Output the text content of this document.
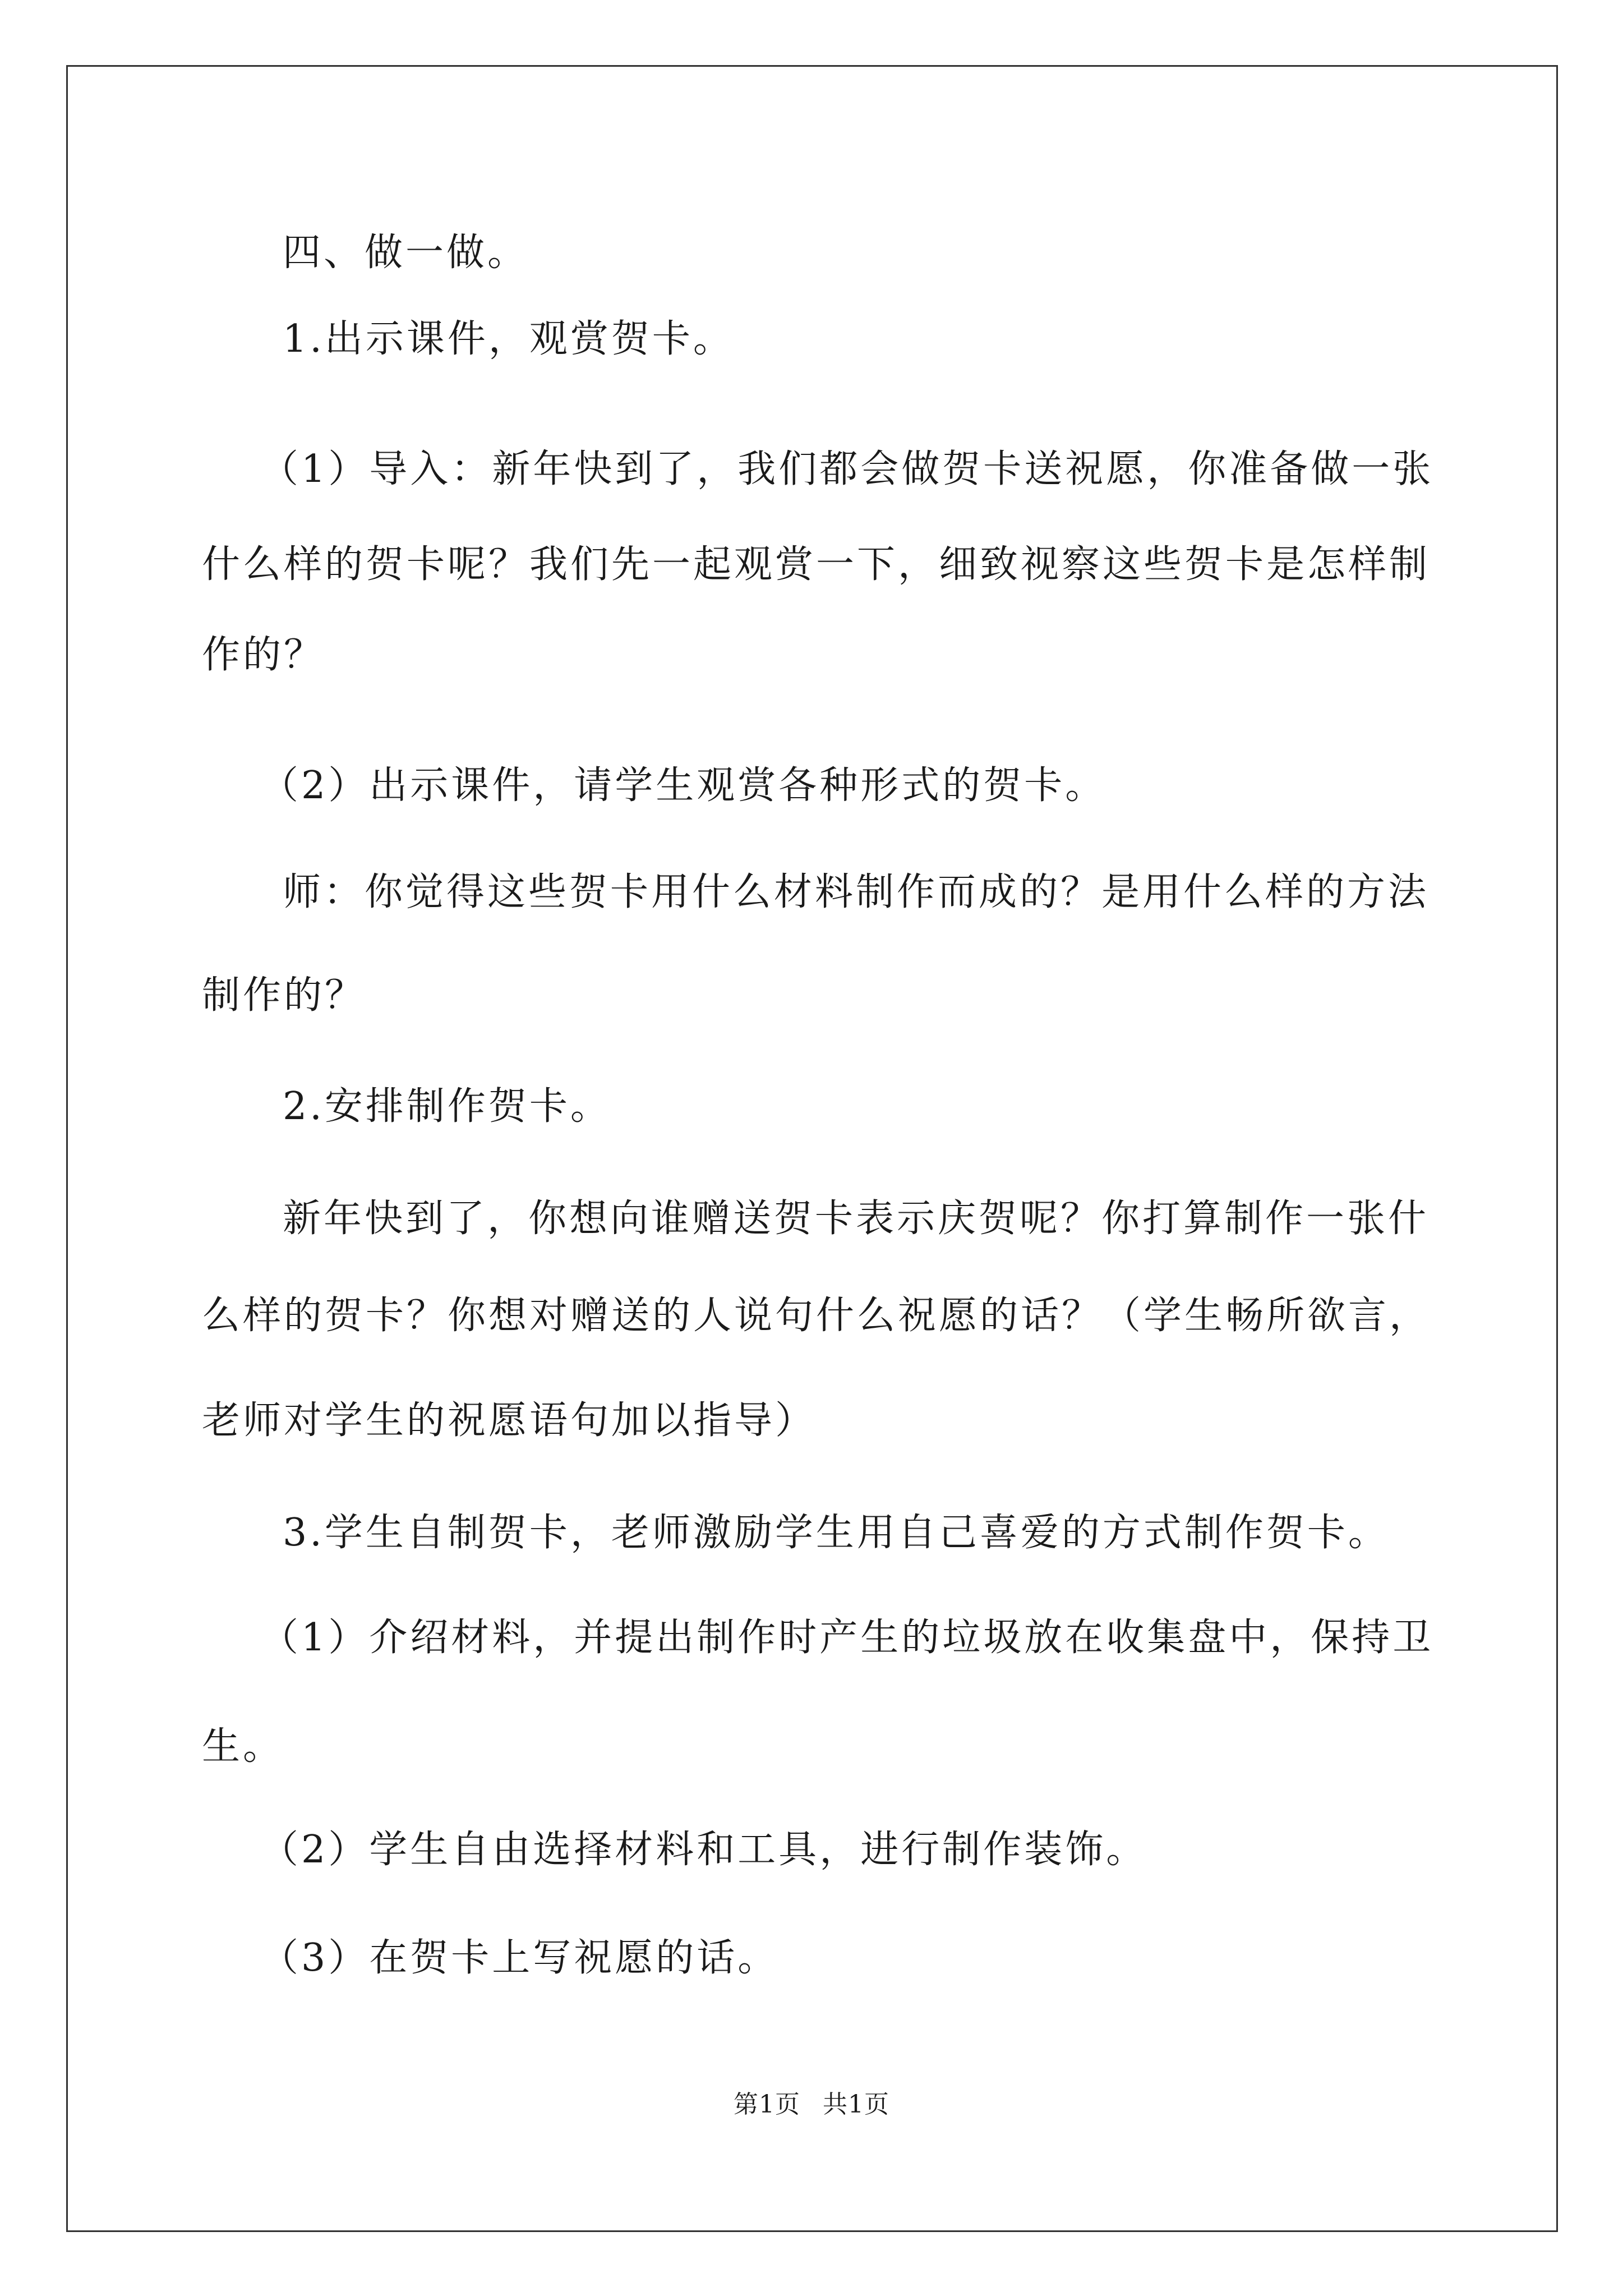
四、做一做。
1.出示课件，观赏贺卡。
（1）导入：新年快到了，我们都会做贺卡送祝愿，你准备做一张
什么样的贺卡呢？我们先一起观赏一下，细致视察这些贺卡是怎样制
作的？
（2）出示课件，请学生观赏各种形式的贺卡。
师：你觉得这些贺卡用什么材料制作而成的？是用什么样的方法
制作的？
2.安排制作贺卡。
新年快到了，你想向谁赠送贺卡表示庆贺呢？你打算制作一张什
么样的贺卡？你想对赠送的人说句什么祝愿的话？（学生畅所欲言，
老师对学生的祝愿语句加以指导）
3.学生自制贺卡，老师激励学生用自己喜爱的方式制作贺卡。
（1）介绍材料，并提出制作时产生的垃圾放在收集盘中，保持卫
生。
（2）学生自由选择材料和工具，进行制作装饰。
（3）在贺卡上写祝愿的话。
第1页 共1页
